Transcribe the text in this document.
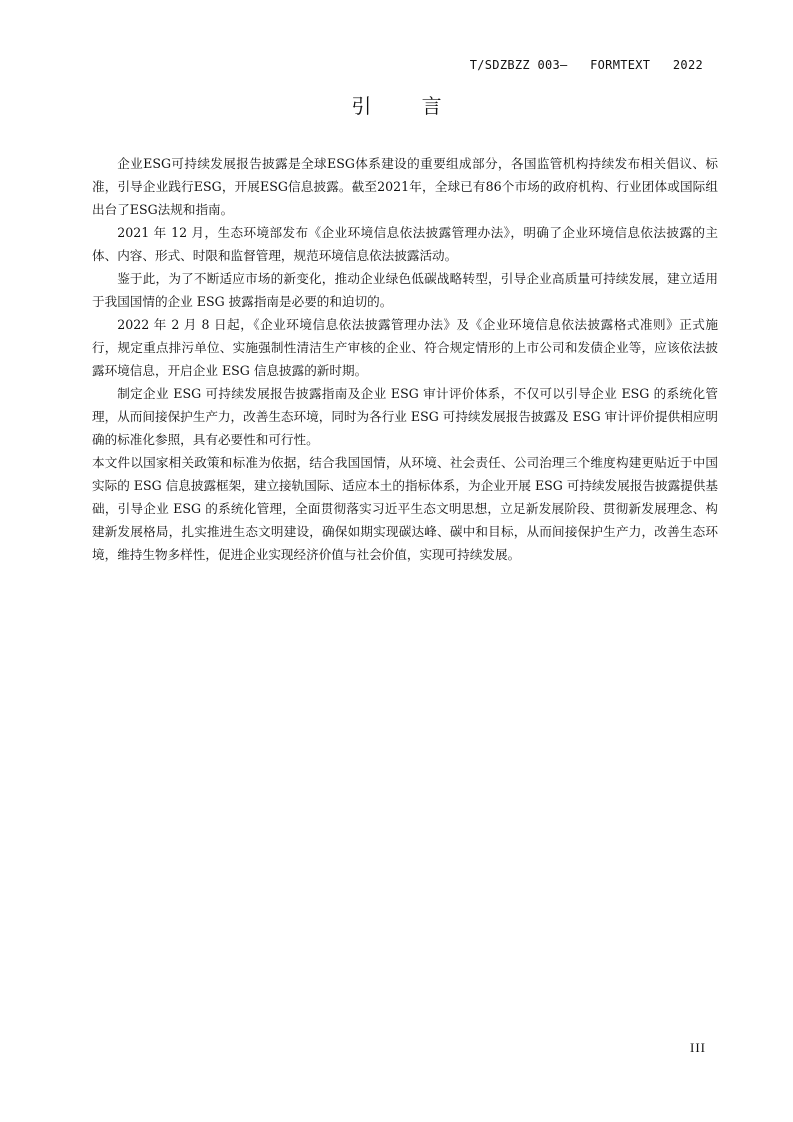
T/SDZBZZ 003—   FORMTEXT   2022
引 言

企业ESG可持续发展报告披露是全球ESG体系建设的重要组成部分，各国监管机构持续发布相关倡议、标准，引导企业践行ESG，开展ESG信息披露。截至2021年，全球已有86个市场的政府机构、行业团体或国际组出台了ESG法规和指南。

2021 年 12 月，生态环境部发布《企业环境信息依法披露管理办法》，明确了企业环境信息依法披露的主体、内容、形式、时限和监督管理，规范环境信息依法披露活动。

鉴于此，为了不断适应市场的新变化，推动企业绿色低碳战略转型，引导企业高质量可持续发展，建立适用于我国国情的企业 ESG 披露指南是必要的和迫切的。

2022 年 2 月 8 日起，《企业环境信息依法披露管理办法》及《企业环境信息依法披露格式准则》正式施行，规定重点排污单位、实施强制性清洁生产审核的企业、符合规定情形的上市公司和发债企业等，应该依法披露环境信息，开启企业 ESG 信息披露的新时期。

制定企业 ESG 可持续发展报告披露指南及企业 ESG 审计评价体系，不仅可以引导企业 ESG 的系统化管理，从而间接保护生产力，改善生态环境，同时为各行业 ESG 可持续发展报告披露及 ESG 审计评价提供相应明确的标准化参照，具有必要性和可行性。

本文件以国家相关政策和标准为依据，结合我国国情，从环境、社会责任、公司治理三个维度构建更贴近于中国实际的 ESG 信息披露框架，建立接轨国际、适应本土的指标体系，为企业开展 ESG 可持续发展报告披露提供基础，引导企业 ESG 的系统化管理，全面贯彻落实习近平生态文明思想，立足新发展阶段、贯彻新发展理念、构建新发展格局，扎实推进生态文明建设，确保如期实现碳达峰、碳中和目标，从而间接保护生产力，改善生态环境，维持生物多样性，促进企业实现经济价值与社会价值，实现可持续发展。

III
